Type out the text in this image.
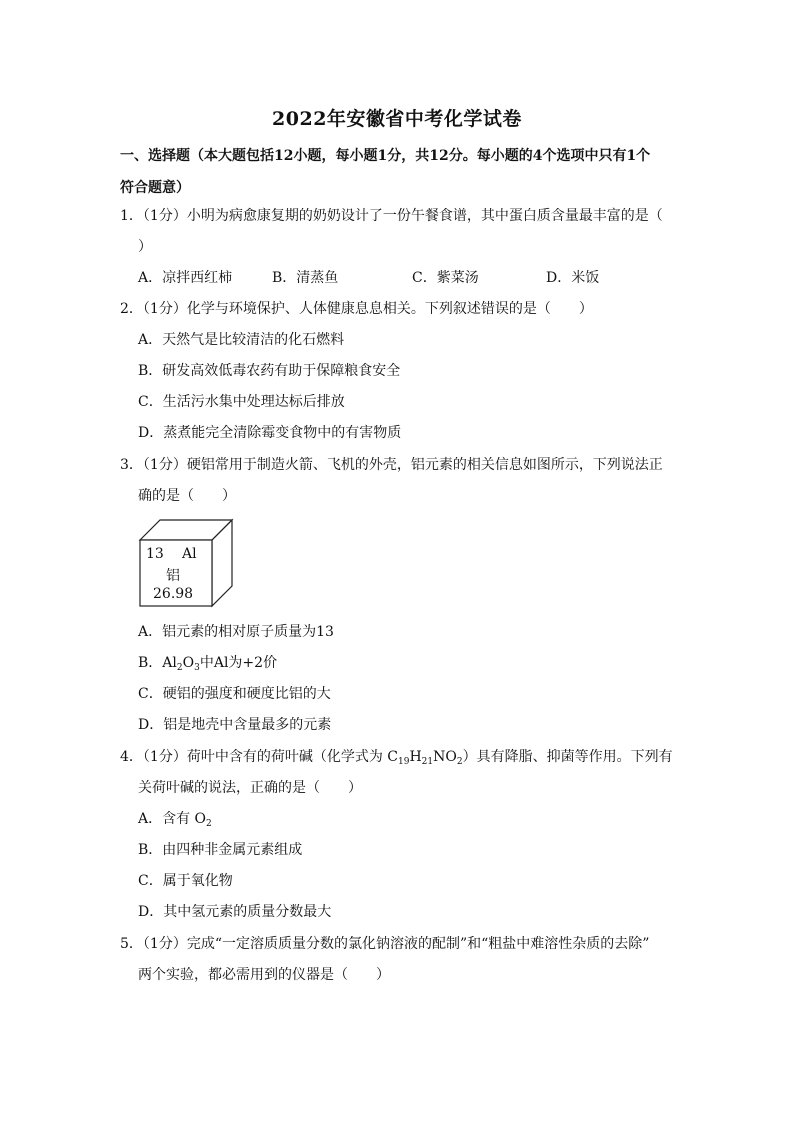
2022年安徽省中考化学试卷
一、选择题（本大题包括12小题，每小题1分，共12分。每小题的4个选项中只有1个
符合题意）
1．（1分）小明为病愈康复期的奶奶设计了一份午餐食谱，其中蛋白质含量最丰富的是（
）
A．凉拌西红柿	B．清蒸鱼	C．紫菜汤	D．米饭
2．（1分）化学与环境保护、人体健康息息相关。下列叙述错误的是（　　）
A．天然气是比较清洁的化石燃料
B．研发高效低毒农药有助于保障粮食安全
C．生活污水集中处理达标后排放
D．蒸煮能完全清除霉变食物中的有害物质
3．（1分）硬铝常用于制造火箭、飞机的外壳，铝元素的相关信息如图所示，下列说法正
确的是（　　）
13 Al
铝
26.98
A．铝元素的相对原子质量为13
B．$Al_2O_3$中Al为+2价
C．硬铝的强度和硬度比铝的大
D．铝是地壳中含量最多的元素
4．（1分）荷叶中含有的荷叶碱（化学式为 $C_{19}H_{21}NO_2$）具有降脂、抑菌等作用。下列有
关荷叶碱的说法，正确的是（　　）
A．含有 $O_2$
B．由四种非金属元素组成
C．属于氧化物
D．其中氢元素的质量分数最大
5．（1分）完成“一定溶质质量分数的氯化钠溶液的配制”和“粗盐中难溶性杂质的去除”
两个实验，都必需用到的仪器是（　　）
